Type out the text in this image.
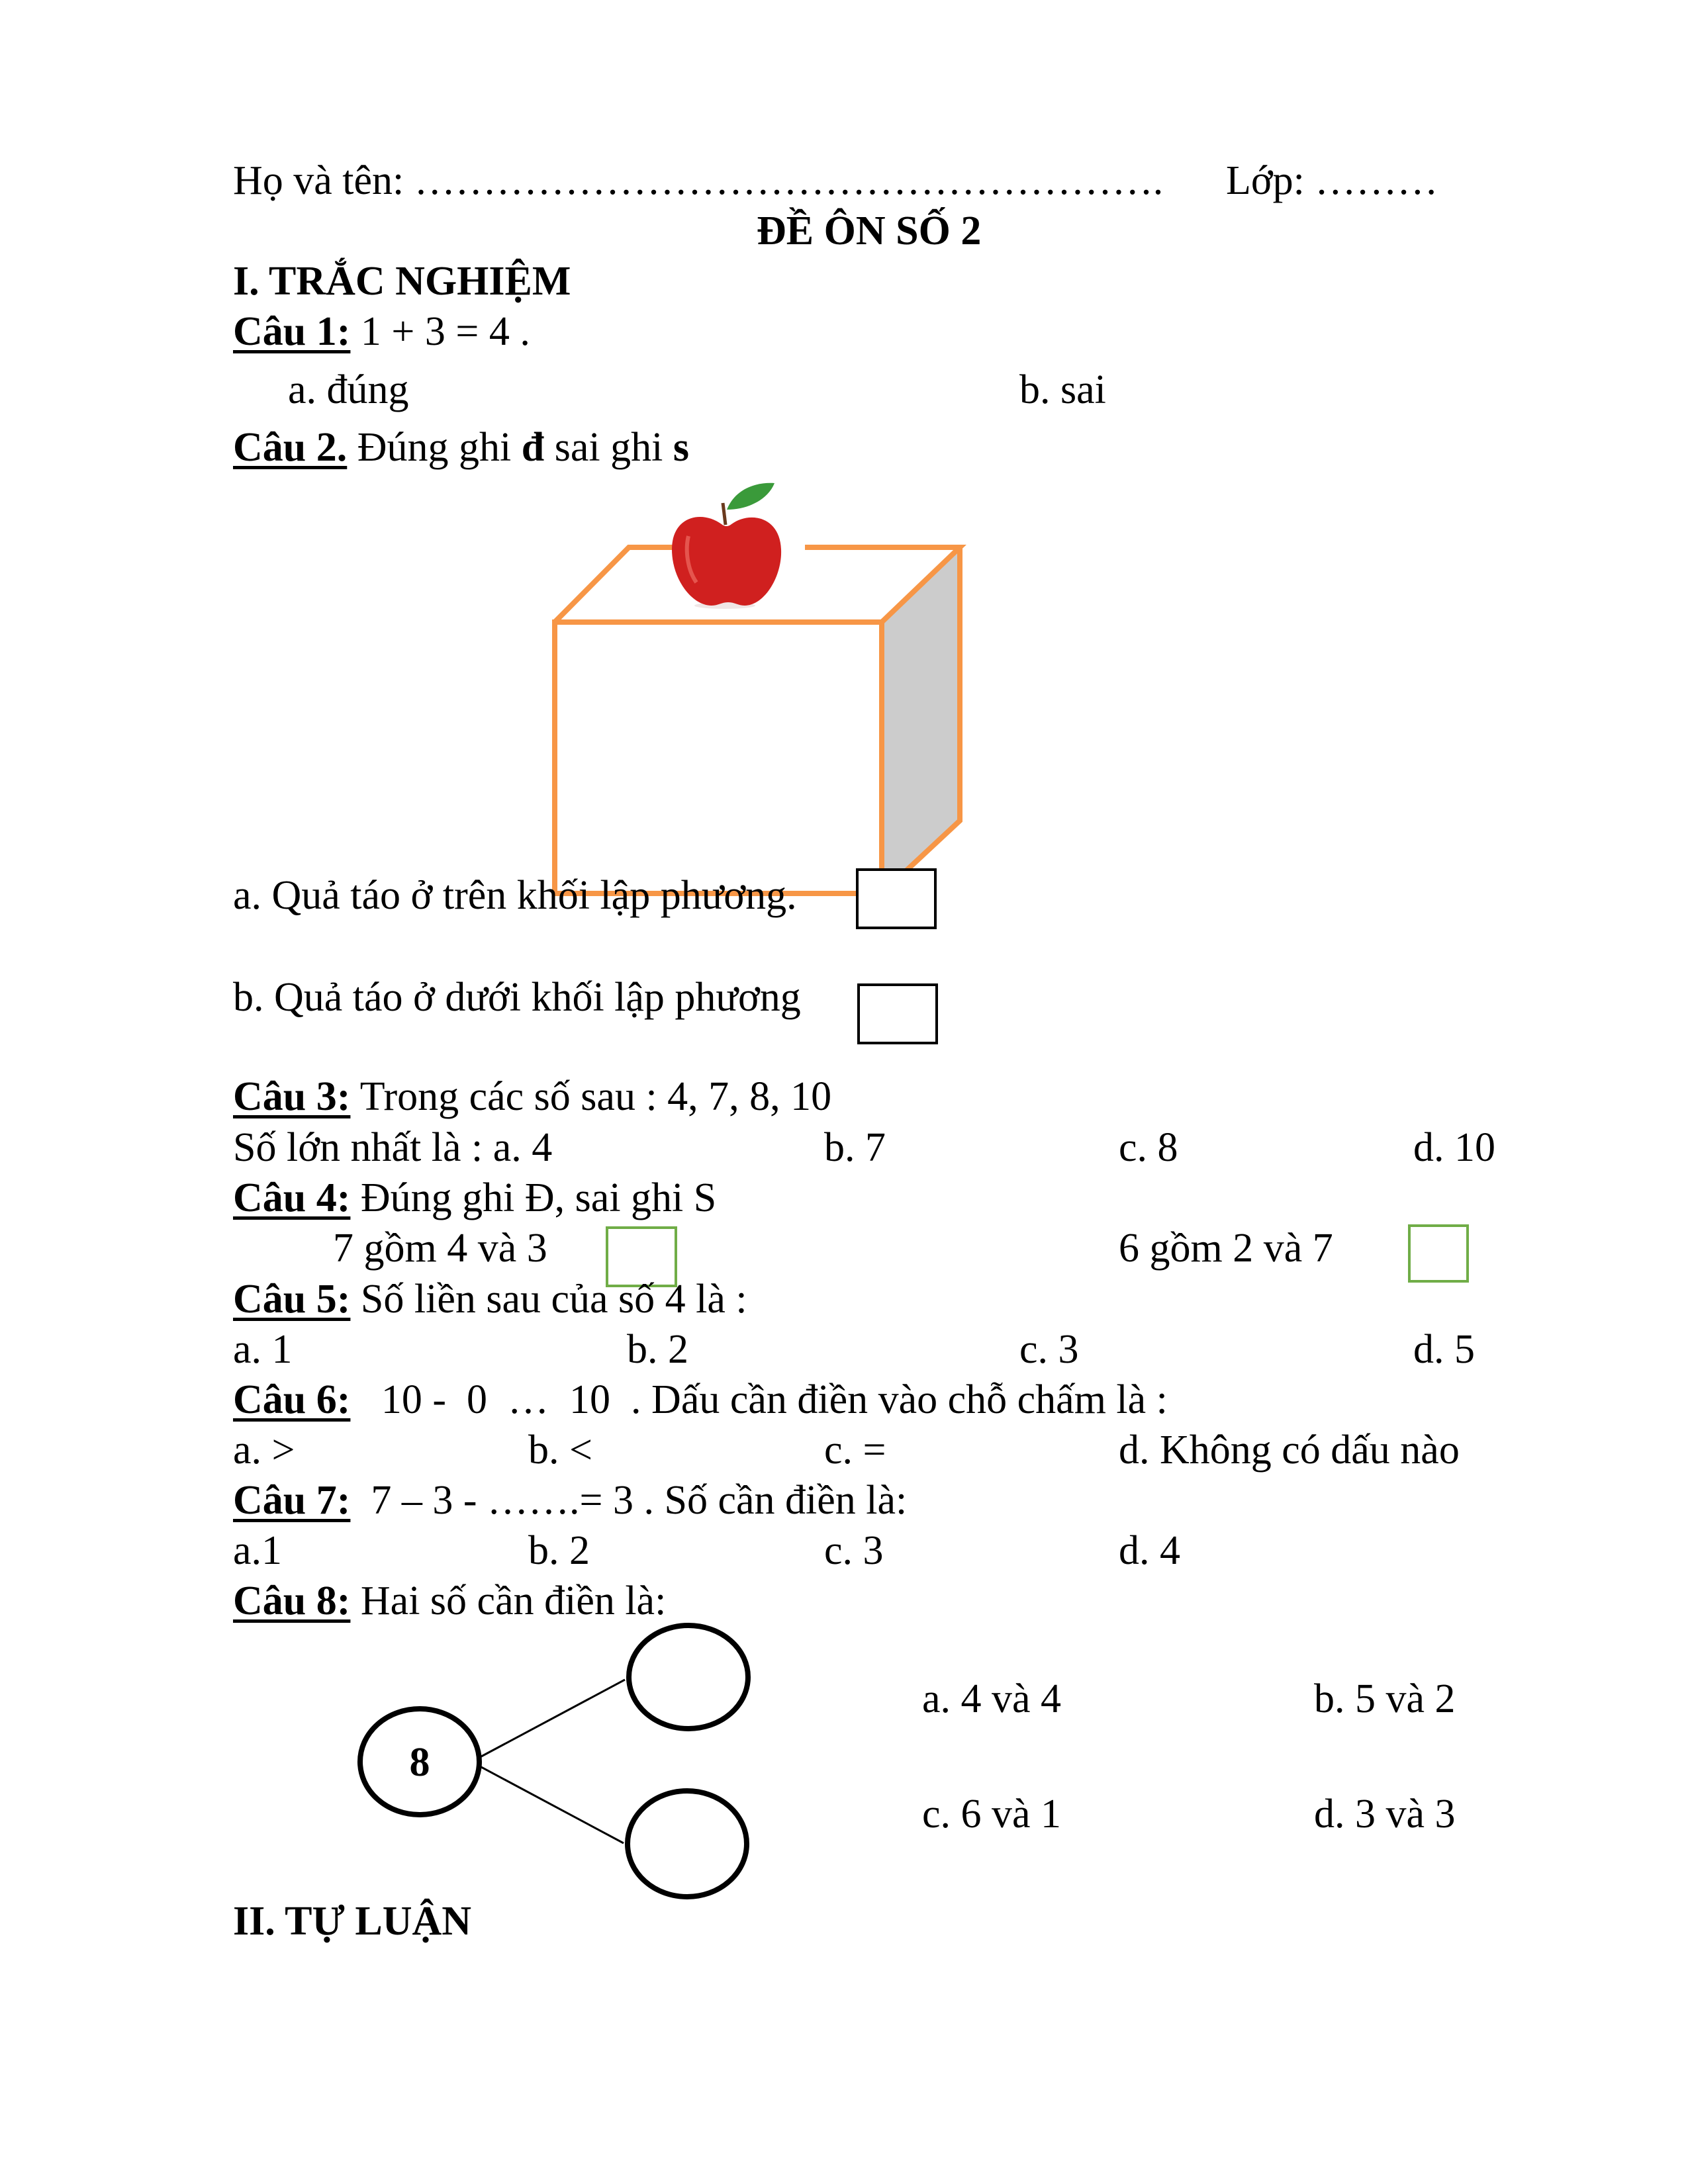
Họ và tên: ………………………………………………. Lớp: ………
ĐỀ ÔN SỐ 2
I. TRẮC NGHIỆM
Câu 1: 1 + 3 = 4 .
a. đúng	b. sai
Câu 2. Đúng ghi đ sai ghi s
a. Quả táo ở trên khối lập phương.
b. Quả táo ở dưới khối lập phương
Câu 3: Trong các số sau : 4, 7, 8, 10
Số lớn nhất là : a. 4	b. 7	c. 8	d. 10
Câu 4: Đúng ghi Đ, sai ghi S
7 gồm 4 và 3	6 gồm 2 và 7
Câu 5: Số liền sau của số 4 là :
a. 1	b. 2	c. 3	d. 5
Câu 6:   10 -  0  …  10  . Dấu cần điền vào chỗ chấm là :
a. >	b. <	c. =	d. Không có dấu nào
Câu 7:  7 – 3 - …….= 3 . Số cần điền là:
a.1	b. 2	c. 3	d. 4
Câu 8: Hai số cần điền là:
8
a. 4 và 4	b. 5 và 2
c. 6 và 1	d. 3 và 3
II. TỰ LUẬN
